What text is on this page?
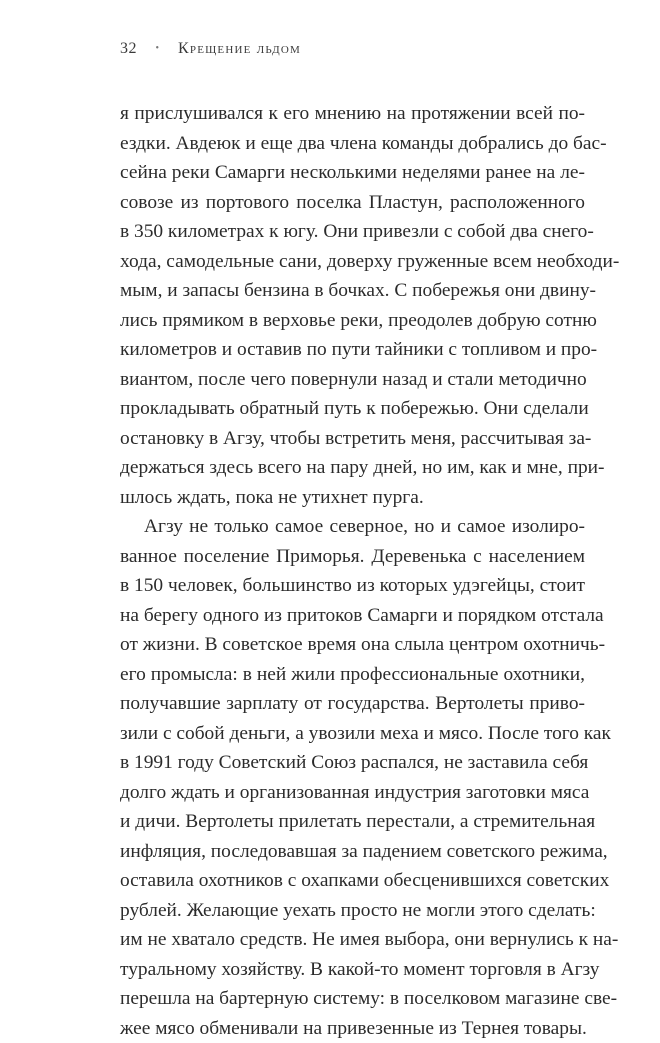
32 • Крещение льдом
я прислушивался к его мнению на протяжении всей по-
ездки. Авдеюк и еще два члена команды добрались до бас-
сейна реки Самарги несколькими неделями ранее на ле-
совозе из портового поселка Пластун, расположенного
в 350 километрах к югу. Они привезли с собой два снего-
хода, самодельные сани, доверху груженные всем необходи-
мым, и запасы бензина в бочках. С побережья они двину-
лись прямиком в верховье реки, преодолев добрую сотню
километров и оставив по пути тайники с топливом и про-
виантом, после чего повернули назад и стали методично
прокладывать обратный путь к побережью. Они сделали
остановку в Агзу, чтобы встретить меня, рассчитывая за-
держаться здесь всего на пару дней, но им, как и мне, при-
шлось ждать, пока не утихнет пурга.
Агзу не только самое северное, но и самое изолиро-
ванное поселение Приморья. Деревенька с населением
в 150 человек, большинство из которых удэгейцы, стоит
на берегу одного из притоков Самарги и порядком отстала
от жизни. В советское время она слыла центром охотничь-
его промысла: в ней жили профессиональные охотники,
получавшие зарплату от государства. Вертолеты приво-
зили с собой деньги, а увозили меха и мясо. После того как
в 1991 году Советский Союз распался, не заставила себя
долго ждать и организованная индустрия заготовки мяса
и дичи. Вертолеты прилетать перестали, а стремительная
инфляция, последовавшая за падением советского режима,
оставила охотников с охапками обесценившихся советских
рублей. Желающие уехать просто не могли этого сделать:
им не хватало средств. Не имея выбора, они вернулись к на-
туральному хозяйству. В какой-то момент торговля в Агзу
перешла на бартерную систему: в поселковом магазине све-
жее мясо обменивали на привезенные из Тернея товары.
